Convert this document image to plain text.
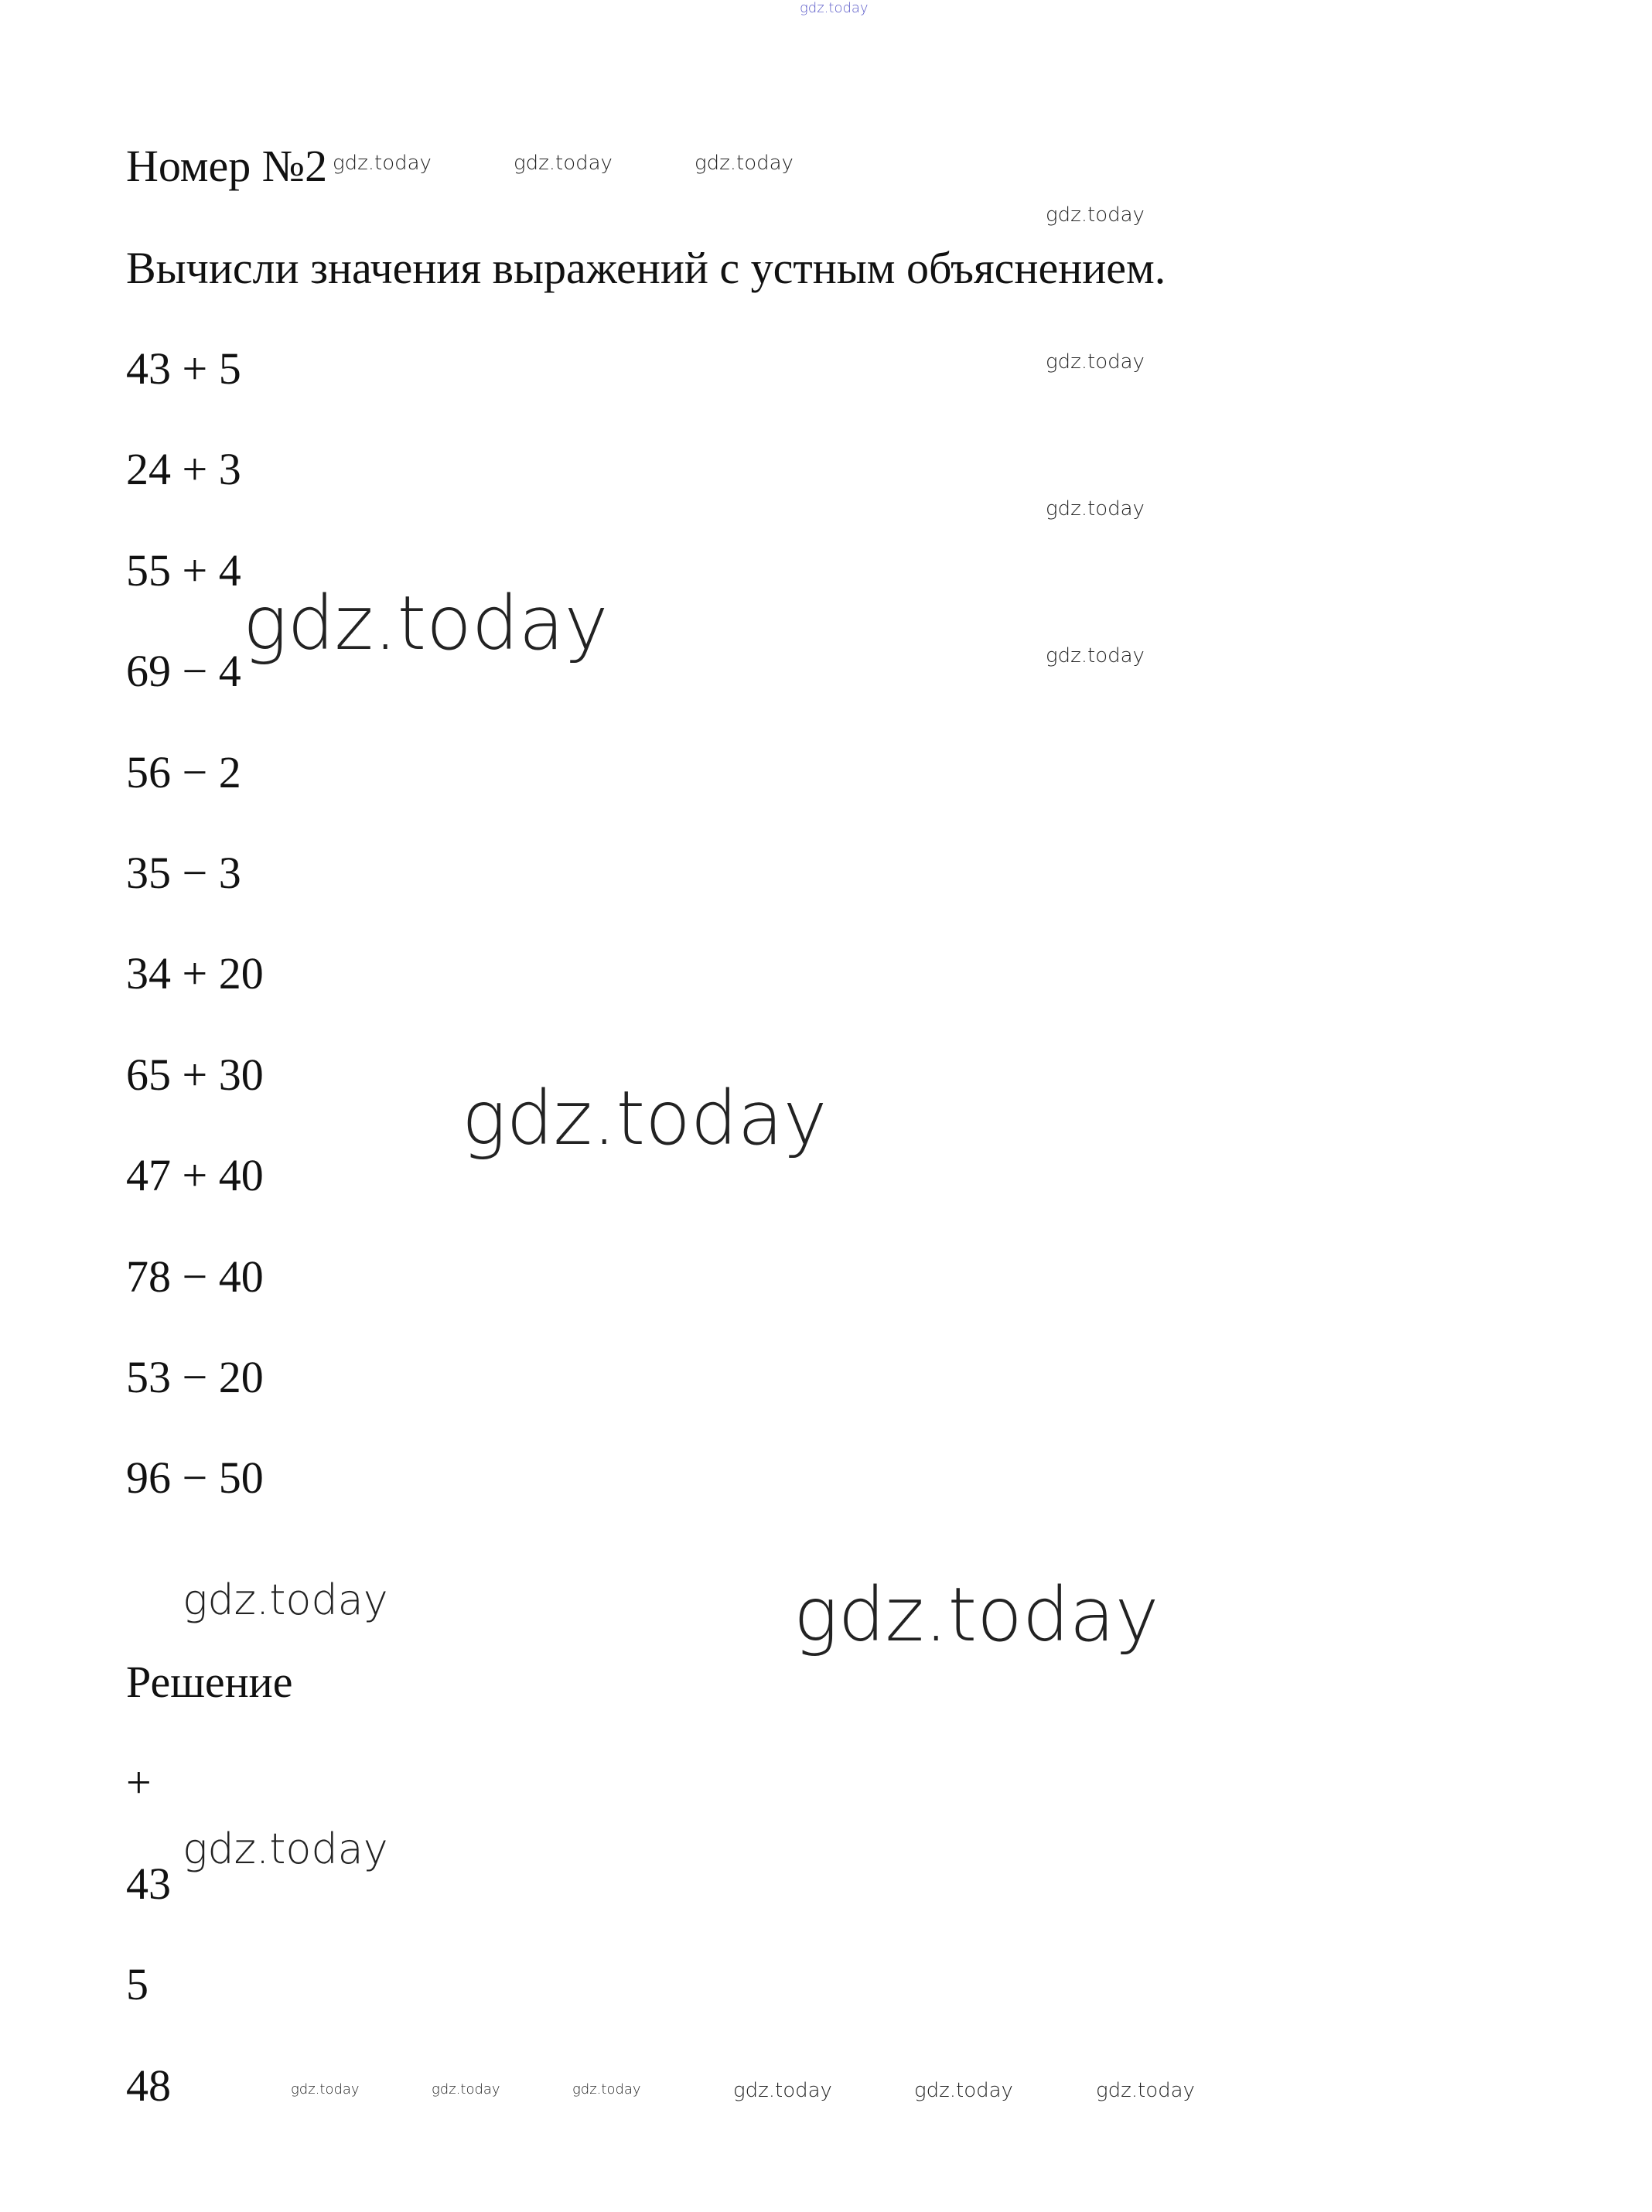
gdz.today
Номер №2 gdz.today	gdz.today	gdz.today
gdz.today
Вычисли значения выражений с устным объяснением.
gdz.today
gdz.today
gdz.today
43 + 5
24 + 3
55 + 4
69 − 4
56 − 2
35 − 3
34 + 20
65 + 30
47 + 40
78 − 40
53 − 20
96 − 50
gdz.today
gdz.today
gdz.today
gdz.today
gdz.today
Решение
+
43
5
48	gdz.today	gdz.today	gdz.today	gdz.today	gdz.today	gdz.today
